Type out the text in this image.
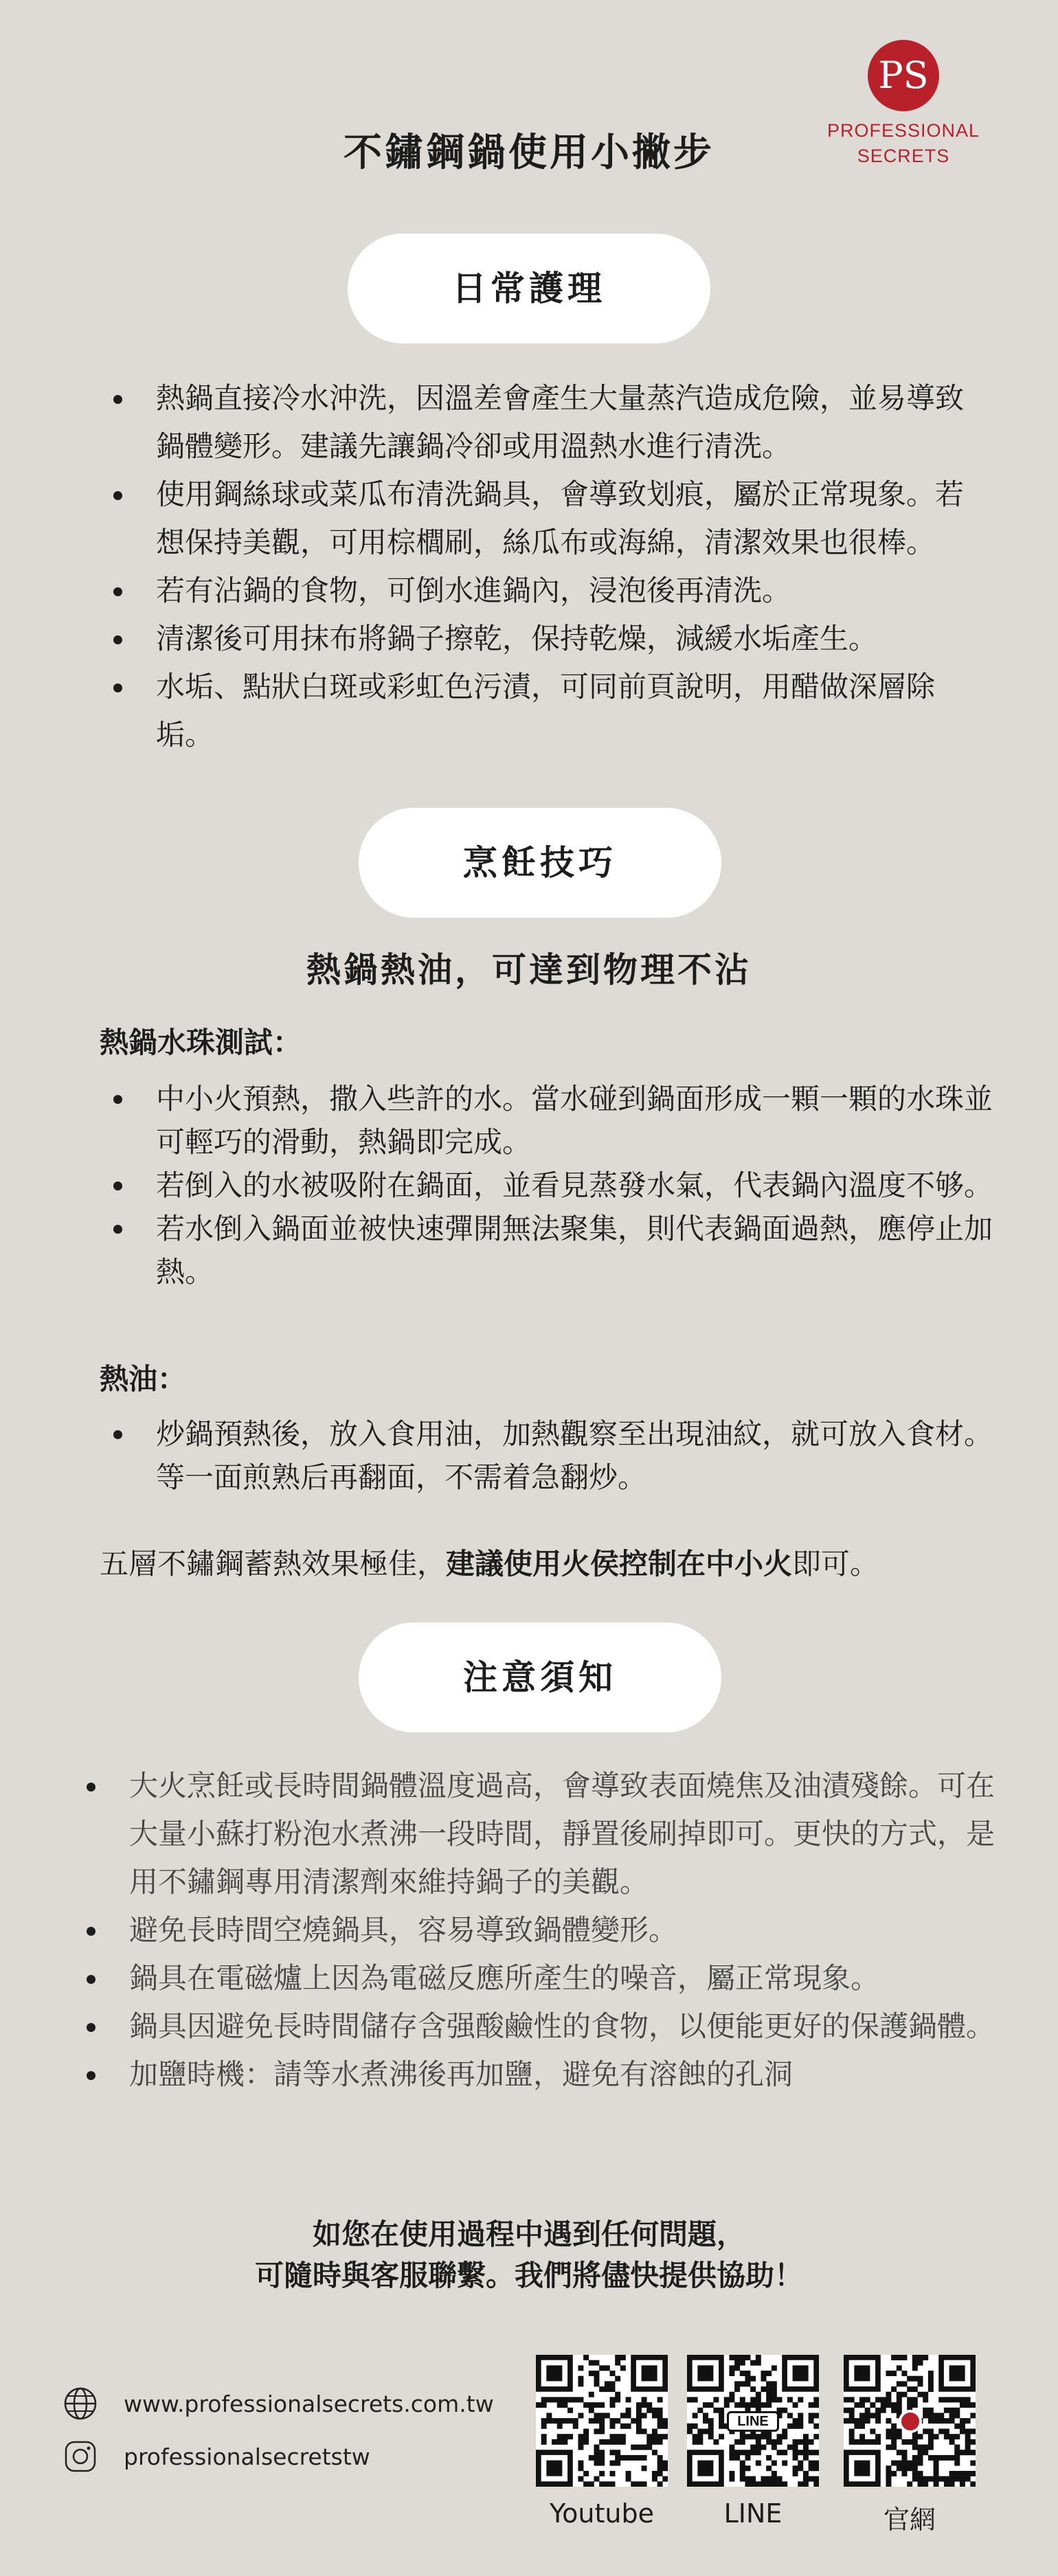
不鏽鋼鍋使用小撇步
PS
PROFESSIONAL
SECRETS
日常護理
熱鍋直接冷水沖洗，因溫差會產生大量蒸汽造成危險，並易導致鍋體變形。建議先讓鍋冷卻或用溫熱水進行清洗。
使用鋼絲球或菜瓜布清洗鍋具，會導致划痕，屬於正常現象。若想保持美觀，可用棕櫚刷，絲瓜布或海綿，清潔效果也很棒。
若有沾鍋的食物，可倒水進鍋內，浸泡後再清洗。
清潔後可用抹布將鍋子擦乾，保持乾燥，減緩水垢產生。
水垢、點狀白斑或彩虹色污漬，可同前頁說明，用醋做深層除垢。
烹飪技巧
熱鍋熱油，可達到物理不沾
熱鍋水珠測試：
中小火預熱，撒入些許的水。當水碰到鍋面形成一顆一顆的水珠並可輕巧的滑動，熱鍋即完成。
若倒入的水被吸附在鍋面，並看見蒸發水氣，代表鍋內溫度不够。
若水倒入鍋面並被快速彈開無法聚集，則代表鍋面過熱，應停止加熱。
熱油：
炒鍋預熱後，放入食用油，加熱觀察至出現油紋，就可放入食材。等一面煎熟后再翻面，不需着急翻炒。
五層不鏽鋼蓄熱效果極佳，建議使用火侯控制在中小火即可。
注意須知
大火烹飪或長時間鍋體溫度過高，會導致表面燒焦及油漬殘餘。可在大量小蘇打粉泡水煮沸一段時間，靜置後刷掉即可。更快的方式，是用不鏽鋼專用清潔劑來維持鍋子的美觀。
避免長時間空燒鍋具，容易導致鍋體變形。
鍋具在電磁爐上因為電磁反應所產生的噪音，屬正常現象。
鍋具因避免長時間儲存含强酸鹼性的食物，以便能更好的保護鍋體。
加鹽時機：請等水煮沸後再加鹽，避免有溶蝕的孔洞
如您在使用過程中遇到任何問題，
可隨時與客服聯繫。我們將儘快提供協助！
www.professionalsecrets.com.tw
professionalsecretstw
Youtube
LINE
LINE	官網
